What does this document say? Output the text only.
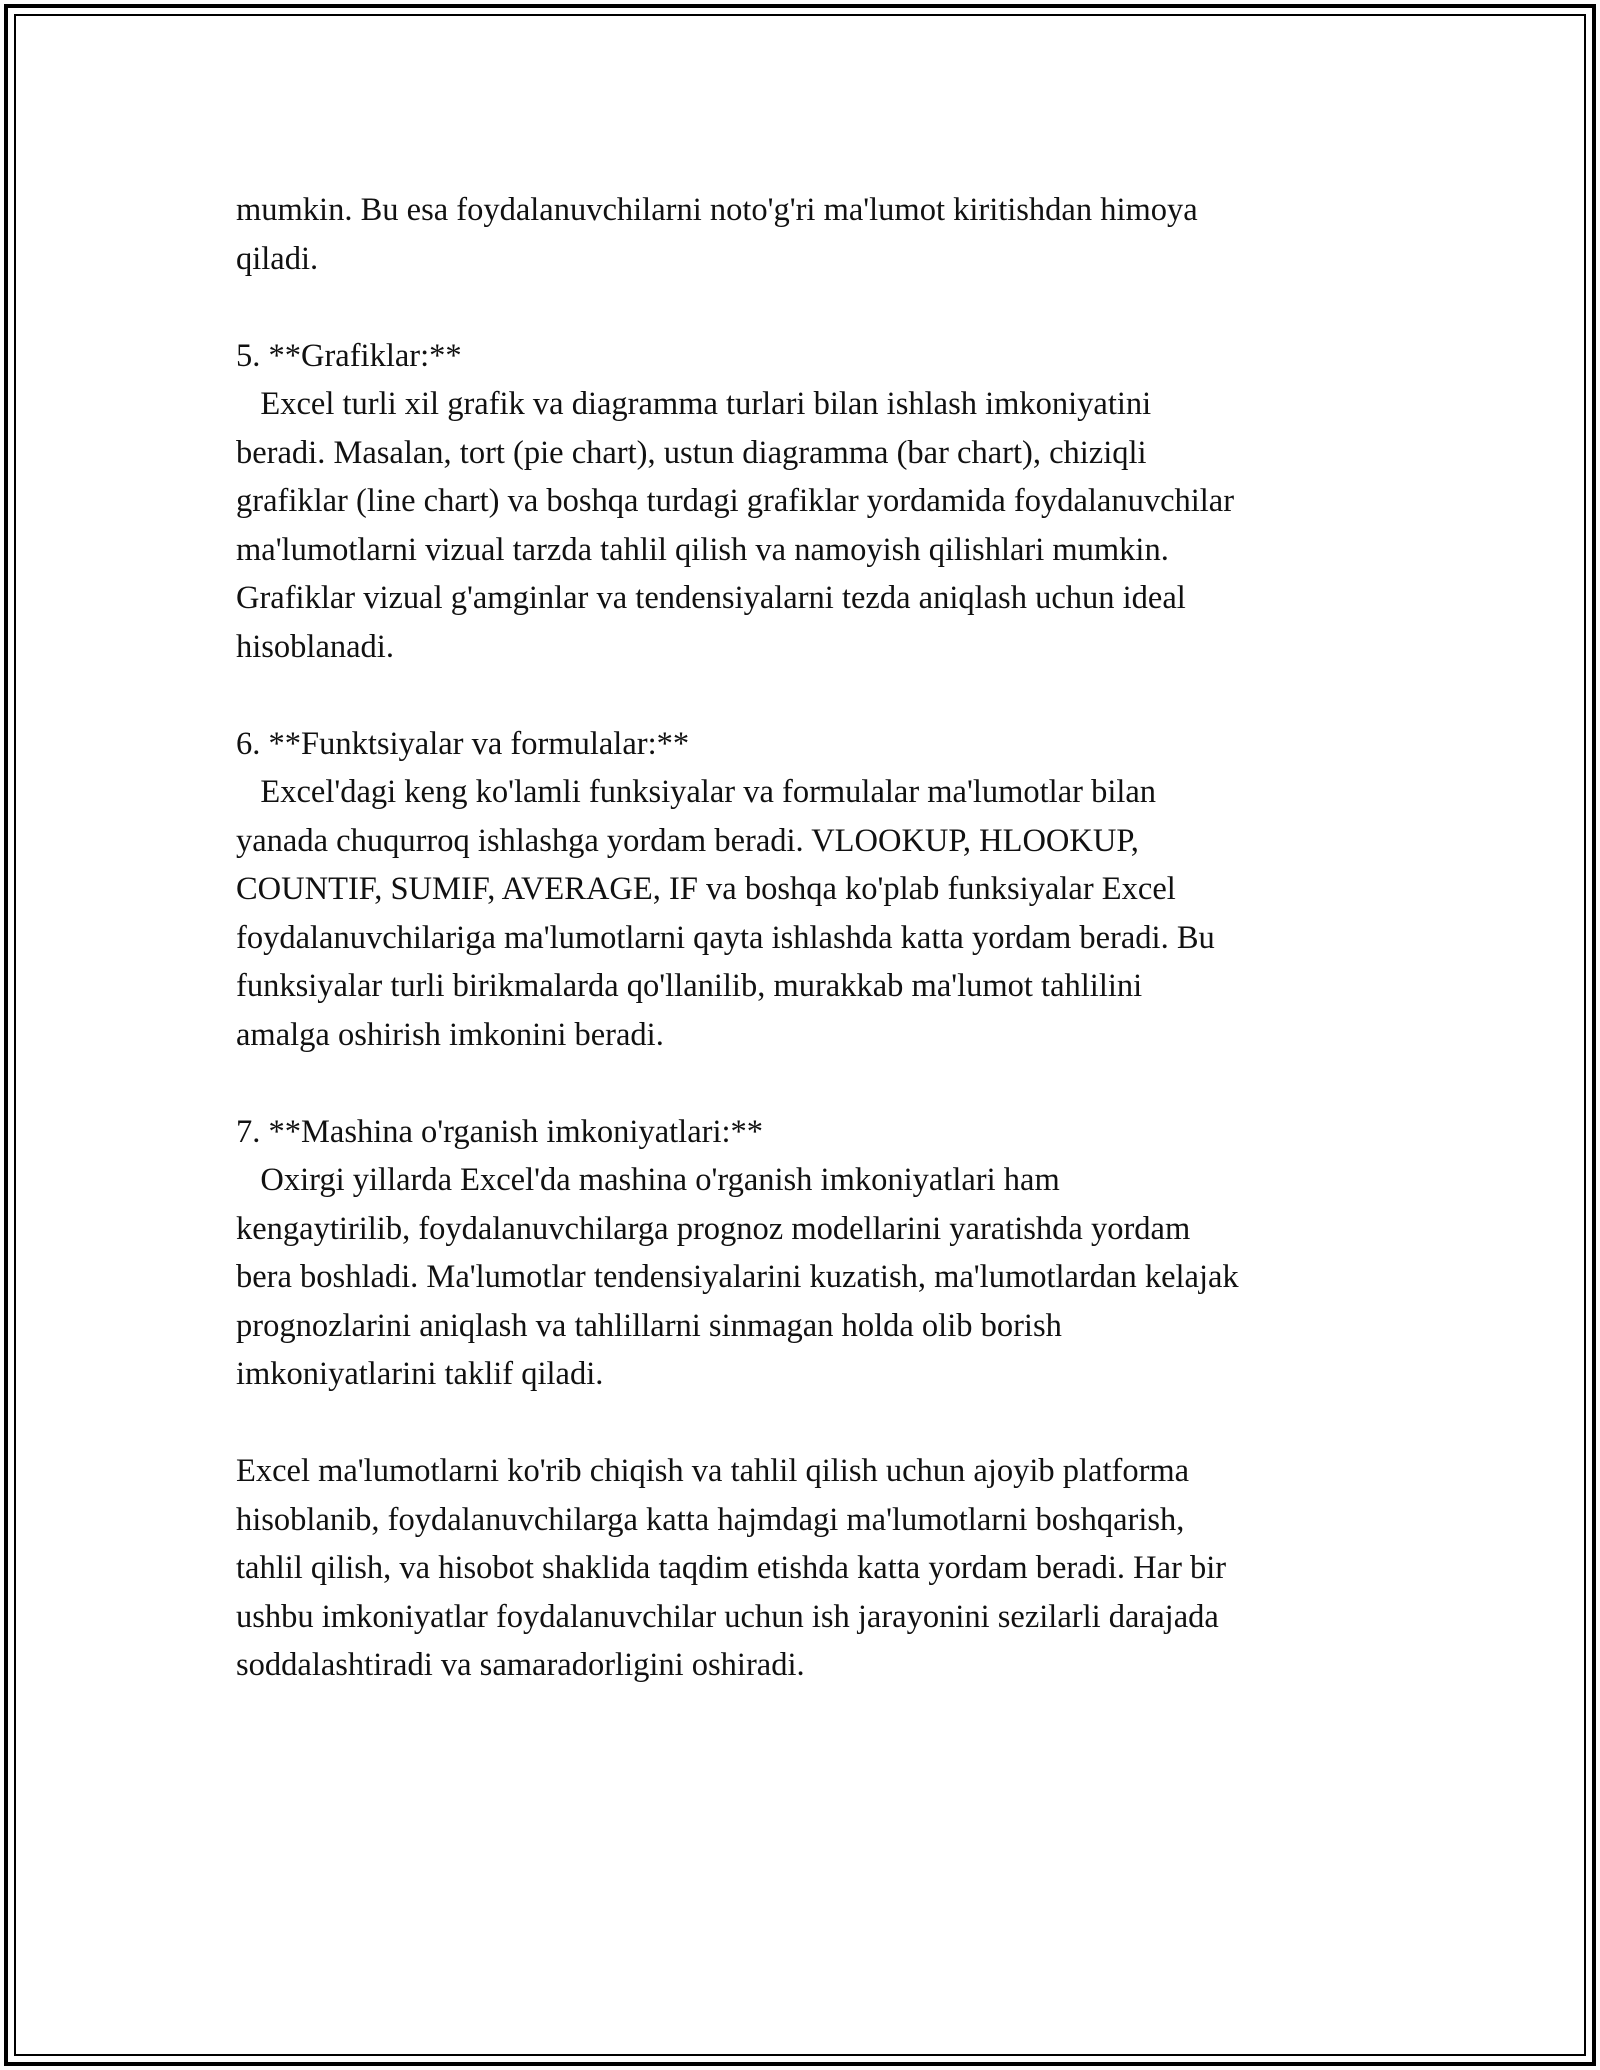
mumkin. Bu esa foydalanuvchilarni noto'g'ri ma'lumot kiritishdan himoya
qiladi.
5. **Grafiklar:**
Excel turli xil grafik va diagramma turlari bilan ishlash imkoniyatini
beradi. Masalan, tort (pie chart), ustun diagramma (bar chart), chiziqli
grafiklar (line chart) va boshqa turdagi grafiklar yordamida foydalanuvchilar
ma'lumotlarni vizual tarzda tahlil qilish va namoyish qilishlari mumkin.
Grafiklar vizual g'amginlar va tendensiyalarni tezda aniqlash uchun ideal
hisoblanadi.
6. **Funktsiyalar va formulalar:**
Excel'dagi keng ko'lamli funksiyalar va formulalar ma'lumotlar bilan
yanada chuqurroq ishlashga yordam beradi. VLOOKUP, HLOOKUP,
COUNTIF, SUMIF, AVERAGE, IF va boshqa ko'plab funksiyalar Excel
foydalanuvchilariga ma'lumotlarni qayta ishlashda katta yordam beradi. Bu
funksiyalar turli birikmalarda qo'llanilib, murakkab ma'lumot tahlilini
amalga oshirish imkonini beradi.
7. **Mashina o'rganish imkoniyatlari:**
Oxirgi yillarda Excel'da mashina o'rganish imkoniyatlari ham
kengaytirilib, foydalanuvchilarga prognoz modellarini yaratishda yordam
bera boshladi. Ma'lumotlar tendensiyalarini kuzatish, ma'lumotlardan kelajak
prognozlarini aniqlash va tahlillarni sinmagan holda olib borish
imkoniyatlarini taklif qiladi.
Excel ma'lumotlarni ko'rib chiqish va tahlil qilish uchun ajoyib platforma
hisoblanib, foydalanuvchilarga katta hajmdagi ma'lumotlarni boshqarish,
tahlil qilish, va hisobot shaklida taqdim etishda katta yordam beradi. Har bir
ushbu imkoniyatlar foydalanuvchilar uchun ish jarayonini sezilarli darajada
soddalashtiradi va samaradorligini oshiradi.
